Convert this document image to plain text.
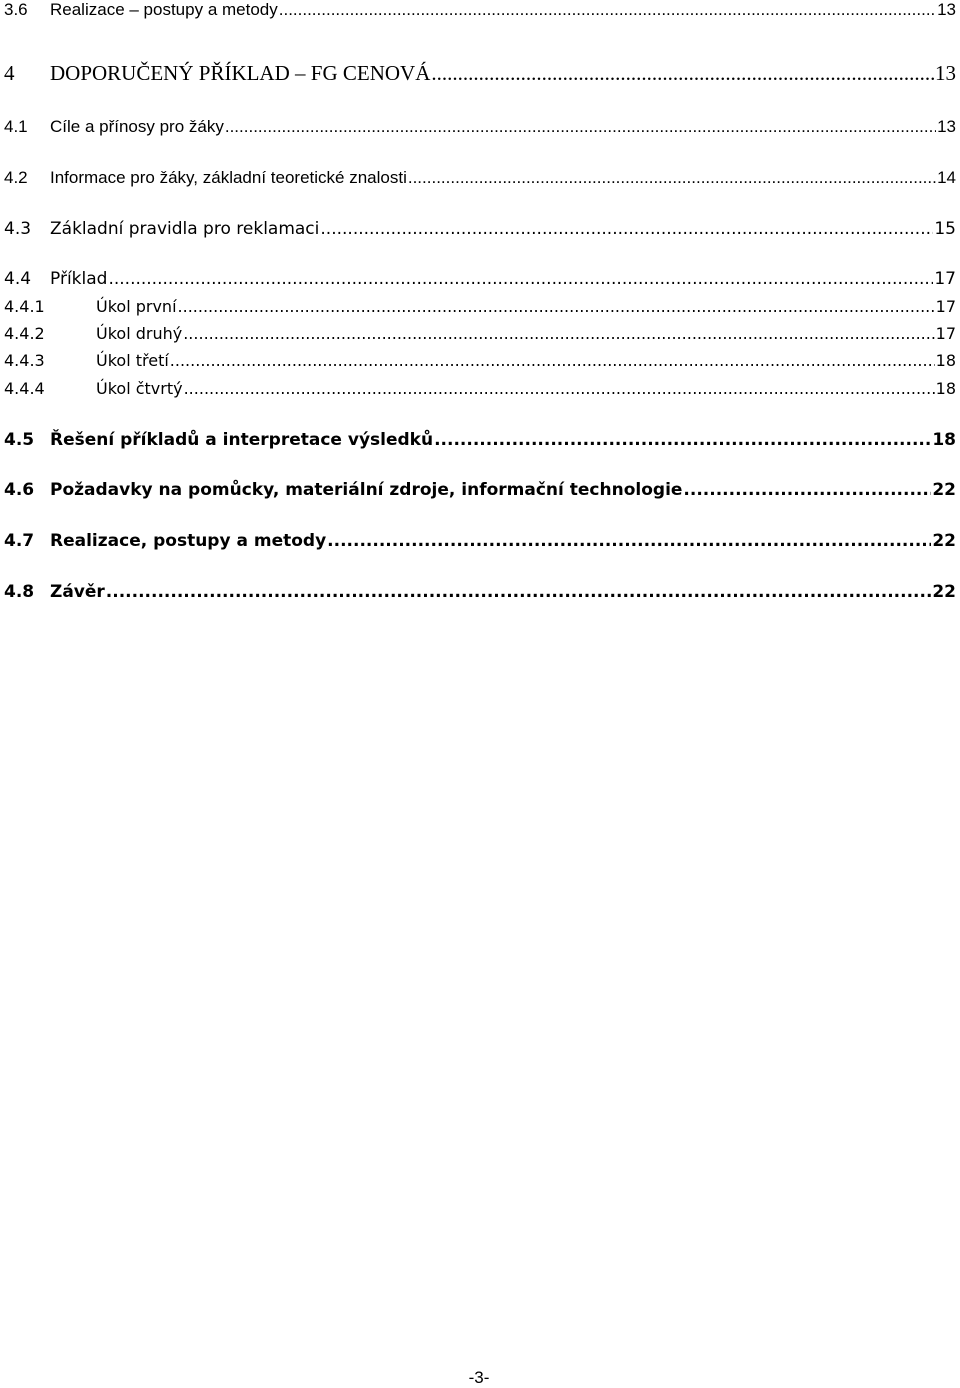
3.6	Realizace – postupy a metody .....	13
4	DOPORUČENÝ PŘÍKLAD – FG CENOVÁ .....	13
4.1	Cíle a přínosy pro žáky .....	13
4.2	Informace pro žáky, základní teoretické znalosti .....	14
4.3	Základní pravidla pro reklamaci .....	15
4.4	Příklad .....	17
4.4.1	Úkol první .....	17
4.4.2	Úkol druhý .....	17
4.4.3	Úkol třetí .....	18
4.4.4	Úkol čtvrtý .....	18
4.5 Řešení příkladů a interpretace výsledků .....	18
4.6 Požadavky na pomůcky, materiální zdroje, informační technologie .....	22
4.7 Realizace, postupy a metody .....	22
4.8 Závěr .....	22
-3-
